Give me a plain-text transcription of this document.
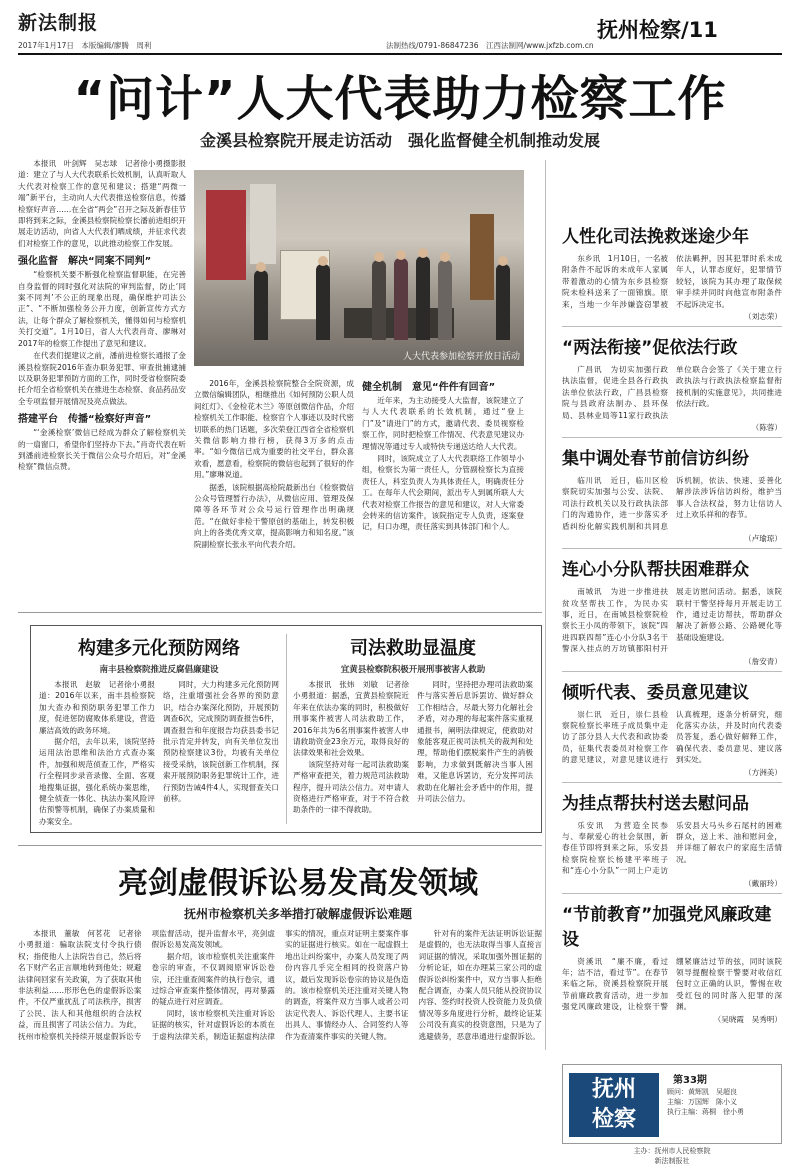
新法制报
2017年1月17日　本版编辑/廖腾　周利	法制热线/0791-86847236　江西法制网/www.jxfzb.com.cn
抚州检察/11
“问计”人大代表助力检察工作
金溪县检察院开展走访活动　强化监督健全机制推动发展

本报讯　叶剑辉　吴志球　记者徐小勇摄影报道：建立了与人大代表联系长效机制，认真听取人大代表对检察工作的意见和建议；搭建“两微一端”新平台，主动向人大代表推送检察信息，传播检察好声音……在全省“两会”召开之际及新春佳节即将到来之际，金溪县检察院检察长潘前进组织开展走访活动，向省人大代表们晒成绩，并征求代表们对检察工作的意见，以此推动检察工作发展。

强化监督　解决“同案不同判”

“检察机关要不断强化检察监督职能，在完善自身监督的同时强化对法院的审判监督，防止‘同案不同判’不公正的现象出现，确保维护司法公正”、“不断加强检务公开力度，创新宣传方式方法，让每个群众了解检察机关，懂得如何与检察机关打交道”。1月10日，省人大代表肖奇、廖琳对2017年的检察工作提出了意见和建议。

在代表们提建议之前，潘前进检察长通报了金溪县检察院2016年查办职务犯罪、审查批捕逮捕以及职务犯罪预防方面的工作，同时受省检察院委托介绍全省检察机关在推进生态检察、食品药品安全专项监督开展情况及亮点做法。

搭建平台　传播“检察好声音”

“‘金溪检察’微信已经成为群众了解检察机关的一扇窗口，希望你们坚持办下去。”肖奇代表在听到潘前进检察长关于微信公众号介绍后，对“金溪检察”微信点赞。

人大代表参加检察开放日活动

2016年，金溪县检察院整合全院资源，成立微信编辑团队，相继推出《如何预防公职人员间红灯》、《金检花木兰》等原创微信作品，介绍检察机关工作职能、检察官个人事迹以及时代密切联系的热门话题，多次荣登江西省全省检察机关微信影响力排行榜，获得3万多的点击率。“如今微信已成为重要的社交平台，群众喜欢看，愿意看，检察院的微信也起到了很好的作用。”廖琳说道。

据悉，该院根据高检院最新出台《检察微信公众号管理暂行办法》，从微信应用、管理及保障等各环节对公众号运行管理作出明确规范。“在做好非检干警原创的基础上，转发积极向上的各类优秀文章，提高影响力和知名度。”该院副检察长张永平向代表介绍。

健全机制　意见“件件有回音”

近年来，为主动接受人大监督，该院建立了与人大代表联系的长效机制，通过“登上门”及“请进门”的方式，邀请代表、委员视察检察工作，同时把检察工作情况、代表意见建议办理情况等通过专人或特快专递送达给人大代表。

同时，该院成立了人大代表联络工作领导小组，检察长为第一责任人，分管副检察长为直接责任人，科室负责人为具体责任人，明确责任分工。在每年人代会期间，派出专人到属所联人大代表对检察工作报告的意见和建议，对人大常委会转来的信访案件，该院指定专人负责，逐案登记，归口办理，责任落实到具体部门和个人。

人性化司法挽救迷途少年

东乡讯　1月10日，一名被附条件不起诉的未成年人家属带着激动的心情为东乡县检察院未检科送来了一面锦旗。原来，当地一少年涉嫌盗窃罪被依法羁押，因其犯罪时系未成年人，认罪态度好，犯罪情节较轻，该院为其办理了取保候审手续并同时向他宣布附条件不起诉决定书。

（刘志荣）
“两法衔接”促依法行政

广昌讯　为切实加强行政执法监督，促进全县各行政执法单位依法行政，广昌县检察院与县政府法制办、县环保局、县林业局等11家行政执法单位联合会签了《关于建立行政执法与行政执法检察监督衔接机制的实施意见》，共同推进依法行政。

（陈蓉）
集中调处春节前信访纠纷

临川讯　近日，临川区检察院切实加强与公安、法院、司法行政机关以及行政执法部门的沟通协作，进一步落实矛盾纠纷化解实践机制和共同息诉机制，依法、快速、妥善化解涉法涉诉信访纠纷，维护当事人合法权益，努力让信访人过上欢乐祥和的春节。

（卢瑜琼）
连心小分队帮扶困难群众

南城讯　为进一步推进扶贫攻坚帮扶工作，为民办实事，近日，在南城县检察院检察长王小凤的带领下，该院“四进四联四帮”连心小分队3名干警深入挂点的万坊镇都阳村开展走访慰问活动。据悉，该院联村干警坚持每月开展走访工作，通过走访帮扶，帮助群众解决了新修公路、公路硬化等基础设施建设。

（詹安青）
倾听代表、委员意见建议

崇仁讯　近日，崇仁县检察院检察长率班子成员集中走访了部分县人大代表和政协委员，征集代表委员对检察工作的意见建议，对意见建议进行认真梳理，逐条分析研究，细化落实办法，并及时向代表委员答复，悉心做好解释工作，确保代表、委员意见、建议落到实处。

（方洲美）
为挂点帮扶村送去慰问品

乐安讯　为营造全民参与、奉献爱心的社会氛围，新春佳节即将到来之际，乐安县检察院检察长杨建平率班子和“连心小分队”一同上户走访乐安县大马头乡石尾村的困难群众，送上米、油和慰问金，并详细了解农户的家庭生活情况。

（戴丽玲）
“节前教育”加强党风廉政建设

资溪讯　“廉不廉，看过年；洁不洁，看过节”。在春节来临之际，资溪县检察院开展节前廉政教育活动，进一步加强党风廉政建设，让检察干警绷紧廉洁过节的弦，同时该院领导提醒检察干警要对收信红包时立正确的认识，警惕在收受红包的同时落入犯罪的深渊。

（吴晓霞　吴秀明）
构建多元化预防网络
南丰县检察院推进反腐倡廉建设

本报讯　赵敏　记者徐小勇报道：2016年以来，南丰县检察院加大查办和预防职务犯罪工作力度，促进惩防腐败体系建设，营造廉洁高效的政务环境。

据介绍，去年以来，该院坚持运用法治思维和法治方式查办案件，加强和规范侦查工作，严格实行全程同步录音录像、全面、客观地搜集证据，强化系统办案思维，健全侦查一体化、执法办案风险评估预警等机制，确保了办案质量和办案安全。

同时，大力构建多元化预防网络，注重增强社会各界的预防意识，结合办案深化预防，开展预防调查6次，完成预防调查报告6件，调查报告和年度报告均获县委书记批示肯定并转发，向有关单位发出预防检察建议3份，均被有关单位接受采纳，该院创新工作机制，探索开展预防职务犯罪统计工作，进行预防告诫4件4人，实现督查关口前移。

司法救助显温度
宜黄县检察院积极开展刑事被害人救助

本报讯　张炜　刘敏　记者徐小勇报道：据悉，宜黄县检察院近年来在依法办案的同时，积极做好刑事案件被害人司法救助工作，2016年共为6名刑事案件被害人申请救助资金23余万元，取得良好的法律效果和社会效果。

该院坚持对每一起司法救助案严格审查把关，着力规范司法救助程序，提升司法公信力。对申请人资格进行严格审查，对于不符合救助条件的一律不得救助。

同时，坚持把办理司法救助案件与落实善后息诉罢访、做好群众工作相结合，尽最大努力化解社会矛盾，对办理的每起案件落实重视通报书，阐明法律规定，使救助对象能客观正视司法机关的裁判和处理，帮助他们摆脱案件产生的消极影响，力求做到既解决当事人困难，又能息诉罢访，充分发挥司法救助在化解社会矛盾中的作用，提升司法公信力。

亮剑虚假诉讼易发高发领域
抚州市检察机关多举措打破解虚假诉讼难题

本报讯　董敏　何茗花　记者徐小勇报道：骗取法院支付令执行债权；指使他人上法院告自己，然后将名下财产名正言顺地转到他处；规避法律间回家有关政策，为了获取其他非法利益……形形色色的虚假诉讼案件，不仅严重扰乱了司法秩序，损害了公民、法人和其他组织的合法权益，而且损害了司法公信力。为此，抚州市检察机关持续开展虚假诉讼专项监督活动，提升监督水平，亮剑虚假诉讼易发高发领域。

据介绍，该市检察机关注重案件卷宗的审查，不仅调阅原审诉讼卷宗，还注重查阅案件的执行卷宗，通过综合审查案件整体情况，再对暴露的疑点进行对应调查。

同时，该市检察机关注重对诉讼证据的核实，针对虚假诉讼的本质在于虚构法律关系，制造证据虚构法律事实的情况，重点对证明主要案件事实的证据进行核实。如在一起虚假土地出让纠纷案中，办案人员发现了两份内容几乎完全相同的投资落户协议，最后发现诉讼卷宗的协议是伪造的。该市检察机关还注重对关键人物的调查，将案件双方当事人或者公司法定代表人、诉讼代理人、主要书证出具人、事情经办人、合同签约人等作为查清案件事实的关键人物。

针对有的案件无法证明诉讼证据是虚假的，也无法取得当事人直接言词证据的情况，采取加强外围证据的分析论证，如在办理某三家公司的虚假诉讼纠纷案件中，双方当事人拒绝配合调查，办案人员只能从投资协议内容、签约时投资人投资能力及负债情况等多角度进行分析，最终论证某公司没有真实的投资意图，只是为了逃避债务，恶意串通进行虚假诉讼。

抚州
检察
第33期
顾问：黄辉凯　吴超良
主编：万国辉　陈小义
执行主编：蒋桐　徐小勇
主办：抚州市人民检察院
新法制报社
